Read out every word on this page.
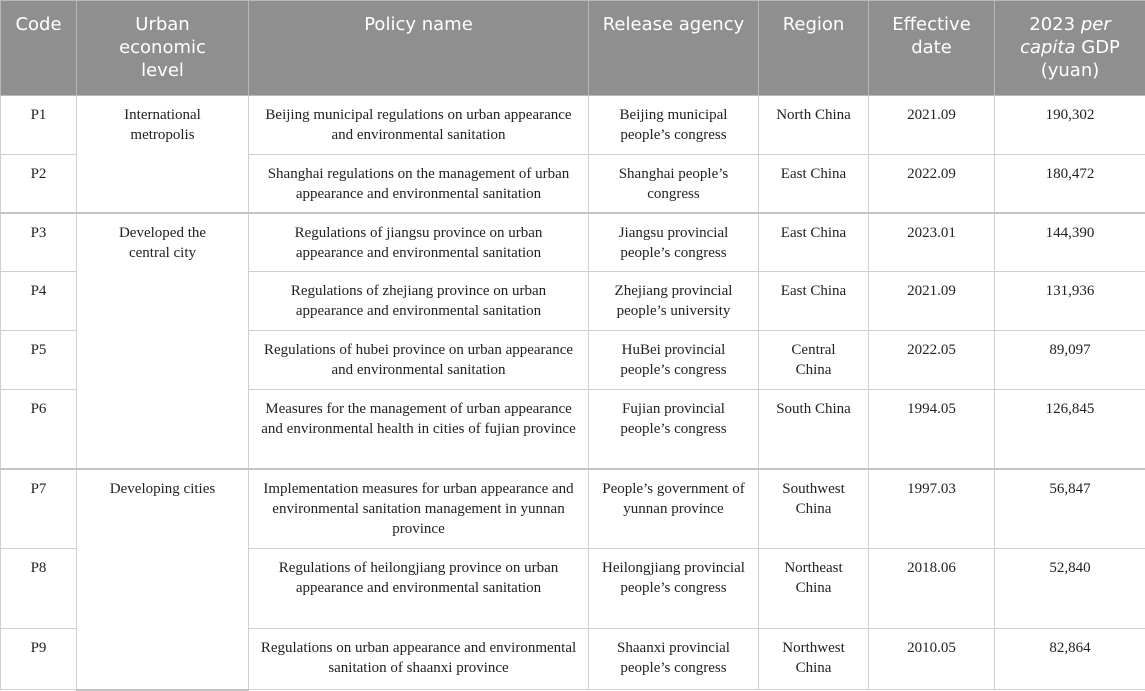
Code	Urban economic level	Policy name	Release agency	Region	Effective date	2023 per capita GDP (yuan)
P1	International metropolis	Beijing municipal regulations on urban appearance and environmental sanitation	Beijing municipal people’s congress	North China	2021.09	190,302
P2		Shanghai regulations on the management of urban appearance and environmental sanitation	Shanghai people’s congress	East China	2022.09	180,472
P3	Developed the central city	Regulations of jiangsu province on urban appearance and environmental sanitation	Jiangsu provincial people’s congress	East China	2023.01	144,390
P4		Regulations of zhejiang province on urban appearance and environmental sanitation	Zhejiang provincial people’s university	East China	2021.09	131,936
P5		Regulations of hubei province on urban appearance and environmental sanitation	HuBei provincial people’s congress	Central China	2022.05	89,097
P6		Measures for the management of urban appearance and environmental health in cities of fujian province	Fujian provincial people’s congress	South China	1994.05	126,845
P7	Developing cities	Implementation measures for urban appearance and environmental sanitation management in yunnan province	People’s government of yunnan province	Southwest China	1997.03	56,847
P8		Regulations of heilongjiang province on urban appearance and environmental sanitation	Heilongjiang provincial people’s congress	Northeast China	2018.06	52,840
P9		Regulations on urban appearance and environmental sanitation of shaanxi province	Shaanxi provincial people’s congress	Northwest China	2010.05	82,864
